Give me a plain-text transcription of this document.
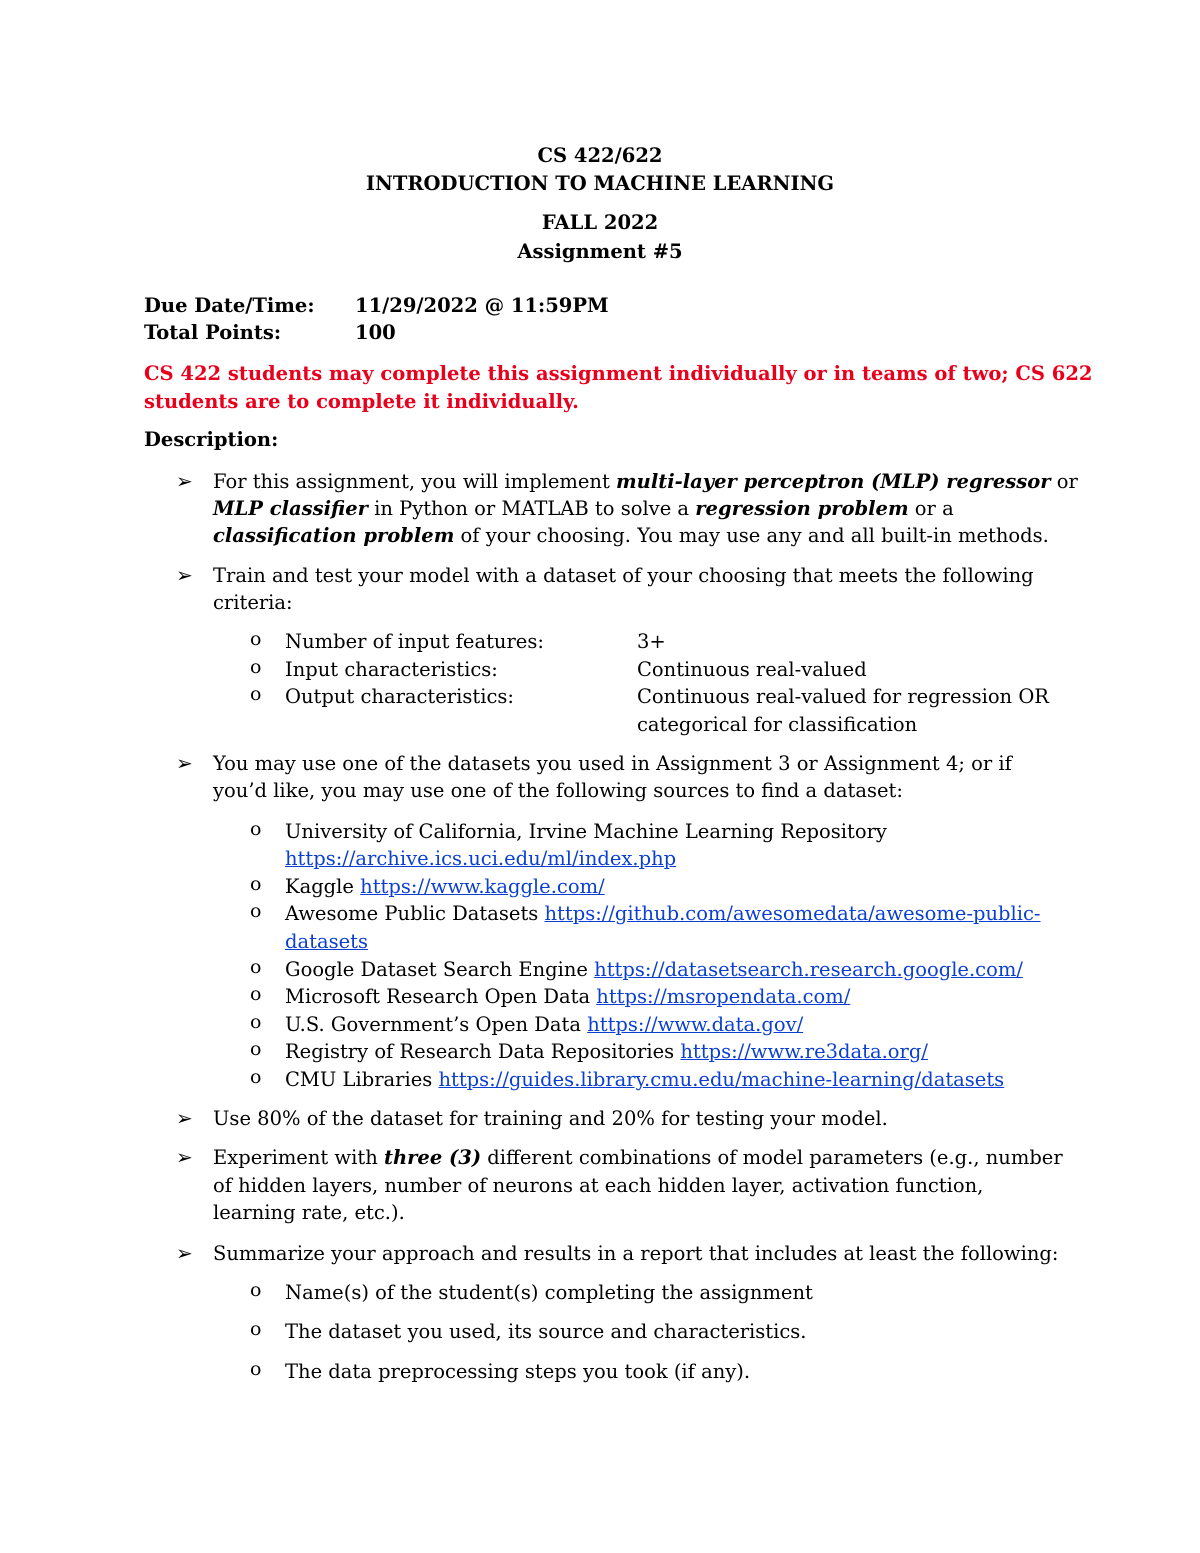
CS 422/622
INTRODUCTION TO MACHINE LEARNING
FALL 2022
Assignment #5
Due Date/Time: 11/29/2022 @ 11:59PM
Total Points:	100
CS 422 students may complete this assignment individually or in teams of two; CS 622
students are to complete it individually.
Description:
➢ For this assignment, you will implement multi-layer perceptron (MLP) regressor or
MLP classifier in Python or MATLAB to solve a regression problem or a
classification problem of your choosing. You may use any and all built-in methods.
➢ Train and test your model with a dataset of your choosing that meets the following
criteria:
o Number of input features:	3+
o Input characteristics:	Continuous real-valued
o Output characteristics:	Continuous real-valued for regression OR
categorical for classification
➢ You may use one of the datasets you used in Assignment 3 or Assignment 4; or if
you’d like, you may use one of the following sources to find a dataset:
o University of California, Irvine Machine Learning Repository
https://archive.ics.uci.edu/ml/index.php
o Kaggle https://www.kaggle.com/
o Awesome Public Datasets https://github.com/awesomedata/awesome-public-
datasets
o Google Dataset Search Engine https://datasetsearch.research.google.com/
o Microsoft Research Open Data https://msropendata.com/
o U.S. Government’s Open Data https://www.data.gov/
o Registry of Research Data Repositories https://www.re3data.org/
o CMU Libraries https://guides.library.cmu.edu/machine-learning/datasets
➢ Use 80% of the dataset for training and 20% for testing your model.
➢ Experiment with three (3) different combinations of model parameters (e.g., number
of hidden layers, number of neurons at each hidden layer, activation function,
learning rate, etc.).
➢ Summarize your approach and results in a report that includes at least the following:
o Name(s) of the student(s) completing the assignment
o The dataset you used, its source and characteristics.
o The data preprocessing steps you took (if any).
